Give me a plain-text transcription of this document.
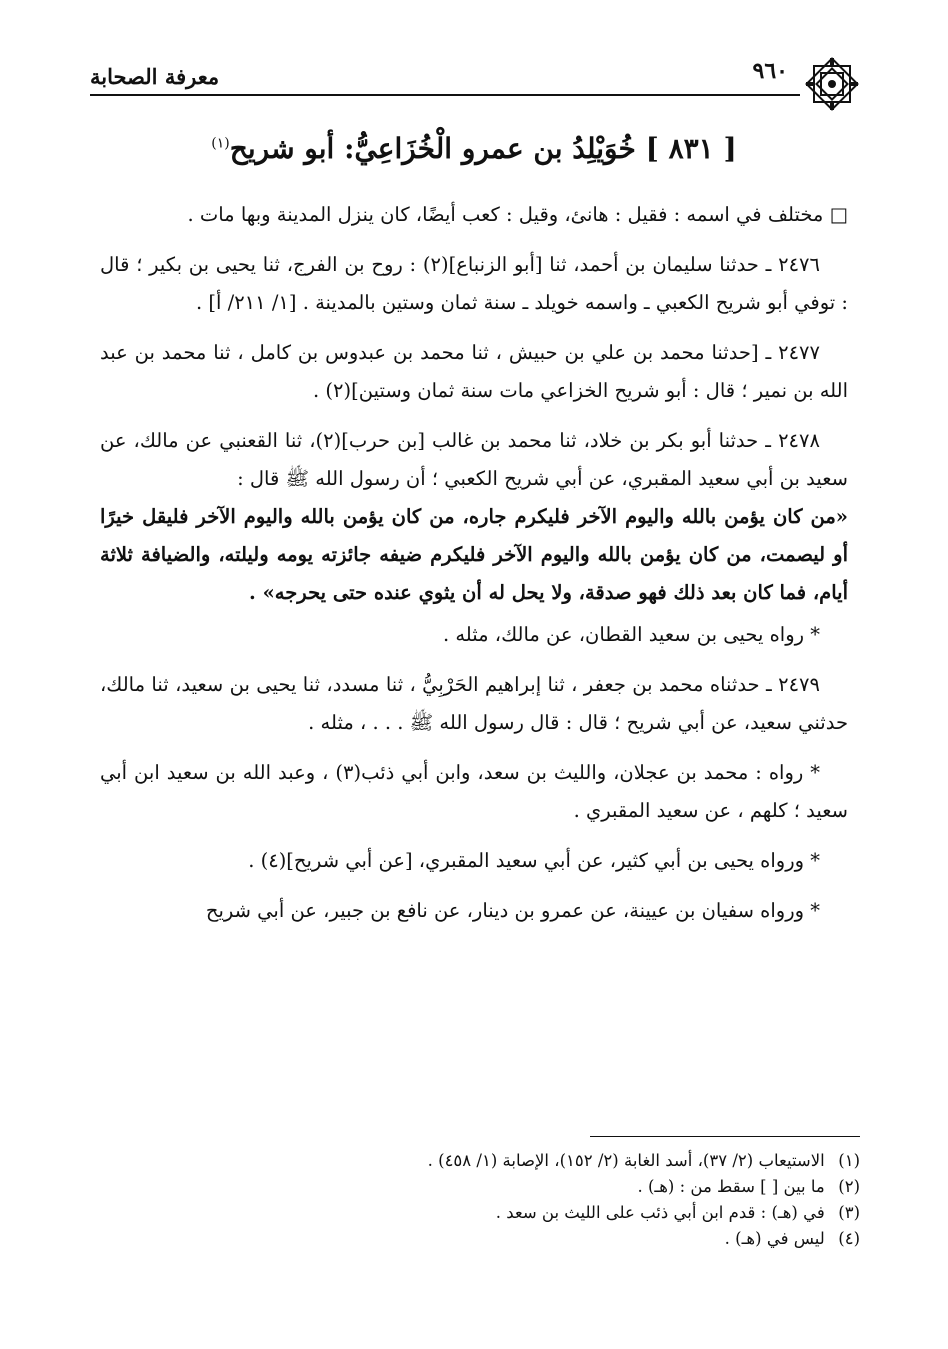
٩٦٠
معرفة الصحابة
[ ٨٣١ ] خُوَيْلِدُ بن عمرو الْخُزَاعِيُّ: أبو شريح$^{(١)}$

□ مختلف في اسمه : فقيل : هانئ، وقيل : كعب أيضًا، كان ينزل المدينة وبها مات .

٢٤٧٦ ـ حدثنا سليمان بن أحمد، ثنا [أبو الزنباع](٢) : روح بن الفرج، ثنا يحيى بن بكير ؛ قال : توفي أبو شريح الكعبي ـ واسمه خويلد ـ سنة ثمان وستين بالمدينة . [١/ ٢١١/ أ] .

٢٤٧٧ ـ [حدثنا محمد بن علي بن حبيش ، ثنا محمد بن عبدوس بن كامل ، ثنا محمد بن عبد الله بن نمير ؛ قال : أبو شريح الخزاعي مات سنة ثمان وستين](٢) .

٢٤٧٨ ـ حدثنا أبو بكر بن خلاد، ثنا محمد بن غالب [بن حرب](٢)، ثنا القعنبي عن مالك، عن سعيد بن أبي سعيد المقبري، عن أبي شريح الكعبي ؛ أن رسول الله ﷺ قال :
«من كان يؤمن بالله واليوم الآخر فليكرم جاره، من كان يؤمن بالله واليوم الآخر فليقل خيرًا أو ليصمت، من كان يؤمن بالله واليوم الآخر فليكرم ضيفه جائزته يومه وليلته، والضيافة ثلاثة أيام، فما كان بعد ذلك فهو صدقة، ولا يحل له أن يثوي عنده حتى يحرجه» .

* رواه يحيى بن سعيد القطان، عن مالك، مثله .

٢٤٧٩ ـ حدثناه محمد بن جعفر ، ثنا إبراهيم الحَرْبِيُّ ، ثنا مسدد، ثنا يحيى بن سعيد، ثنا مالك، حدثني سعيد، عن أبي شريح ؛ قال : قال رسول الله ﷺ . . . ، مثله .

* رواه : محمد بن عجلان، والليث بن سعد، وابن أبي ذئب(٣) ، وعبد الله بن سعيد ابن أبي سعيد ؛ كلهم ، عن سعيد المقبري .

* ورواه يحيى بن أبي كثير، عن أبي سعيد المقبري، [عن أبي شريح](٤) .

* ورواه سفيان بن عيينة، عن عمرو بن دينار، عن نافع بن جبير، عن أبي شريح

(١) الاستيعاب (٢/ ٣٧)، أسد الغابة (٢/ ١٥٢)، الإصابة (١/ ٤٥٨) .

(٢) ما بين [ ] سقط من : (هـ) .

(٣) في (هـ) : قدم ابن أبي ذئب على الليث بن سعد .

(٤) ليس في (هـ) .
